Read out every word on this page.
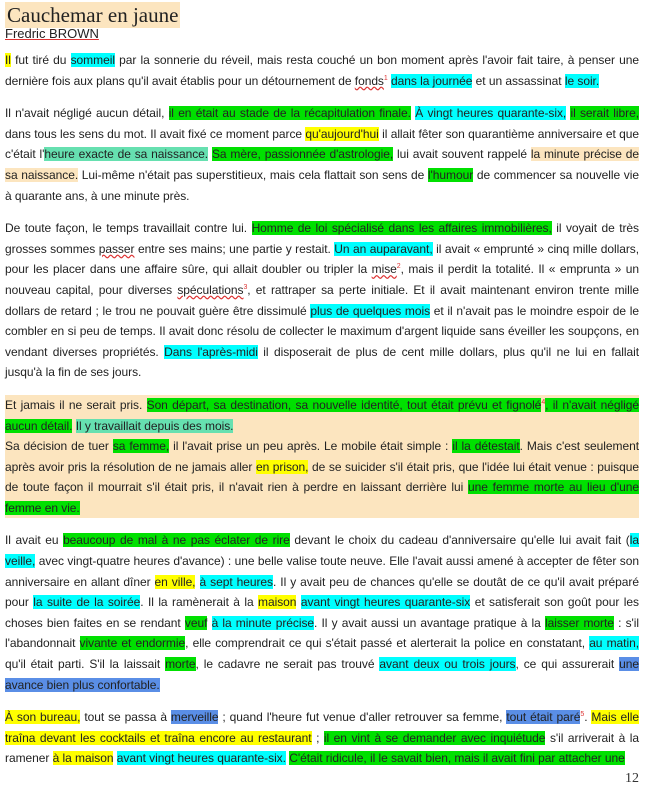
Cauchemar en jaune
Fredric BROWN

Il fut tiré du sommeil par la sonnerie du réveil, mais resta couché un bon moment après l'avoir fait taire, à penser une dernière fois aux plans qu'il avait établis pour un détournement de fonds$^1$ dans la journée et un assassinat le soir.

Il n'avait négligé aucun détail, il en était au stade de la récapitulation finale. À vingt heures quarante-six, il serait libre, dans tous les sens du mot. Il avait fixé ce moment parce qu'aujourd'hui il allait fêter son quarantième anniversaire et que c'était l'heure exacte de sa naissance. Sa mère, passionnée d'astrologie, lui avait souvent rappelé la minute précise de sa naissance. Lui-même n'était pas superstitieux, mais cela flattait son sens de l'humour de commencer sa nouvelle vie à quarante ans, à une minute près.

De toute façon, le temps travaillait contre lui. Homme de loi spécialisé dans les affaires immobilières, il voyait de très grosses sommes passer entre ses mains; une partie y restait. Un an auparavant, il avait « emprunté » cinq mille dollars, pour les placer dans une affaire sûre, qui allait doubler ou tripler la mise$^2$, mais il perdit la totalité. Il « emprunta » un nouveau capital, pour diverses spéculations$^3$, et rattraper sa perte initiale. Et il avait maintenant environ trente mille dollars de retard ; le trou ne pouvait guère être dissimulé plus de quelques mois et il n'avait pas le moindre espoir de le combler en si peu de temps. Il avait donc résolu de collecter le maximum d'argent liquide sans éveiller les soupçons, en vendant diverses propriétés. Dans l'après-midi il disposerait de plus de cent mille dollars, plus qu'il ne lui en fallait jusqu'à la fin de ses jours.

Et jamais il ne serait pris. Son départ, sa destination, sa nouvelle identité, tout était prévu et fignolé$^4$, il n'avait négligé aucun détail. Il y travaillait depuis des mois.

Sa décision de tuer sa femme, il l'avait prise un peu après. Le mobile était simple : il la détestait. Mais c'est seulement après avoir pris la résolution de ne jamais aller en prison, de se suicider s'il était pris, que l'idée lui était venue : puisque de toute façon il mourrait s'il était pris, il n'avait rien à perdre en laissant derrière lui une femme morte au lieu d'une femme en vie.

Il avait eu beaucoup de mal à ne pas éclater de rire devant le choix du cadeau d'anniversaire qu'elle lui avait fait (la veille, avec vingt-quatre heures d'avance) : une belle valise toute neuve. Elle l'avait aussi amené à accepter de fêter son anniversaire en allant dîner en ville, à sept heures. Il y avait peu de chances qu'elle se doutât de ce qu'il avait préparé pour la suite de la soirée. Il la ramènerait à la maison avant vingt heures quarante-six et satisferait son goût pour les choses bien faites en se rendant veuf à la minute précise. Il y avait aussi un avantage pratique à la laisser morte : s'il l'abandonnait vivante et endormie, elle comprendrait ce qui s'était passé et alerterait la police en constatant, au matin, qu'il était parti. S'il la laissait morte, le cadavre ne serait pas trouvé avant deux ou trois jours, ce qui assurerait une avance bien plus confortable.

À son bureau, tout se passa à merveille ; quand l'heure fut venue d'aller retrouver sa femme, tout était paré$^5$. Mais elle traîna devant les cocktails et traîna encore au restaurant ; il en vint à se demander avec inquiétude s'il arriverait à la ramener à la maison avant vingt heures quarante-six. C'était ridicule, il le savait bien, mais il avait fini par attacher une

12
